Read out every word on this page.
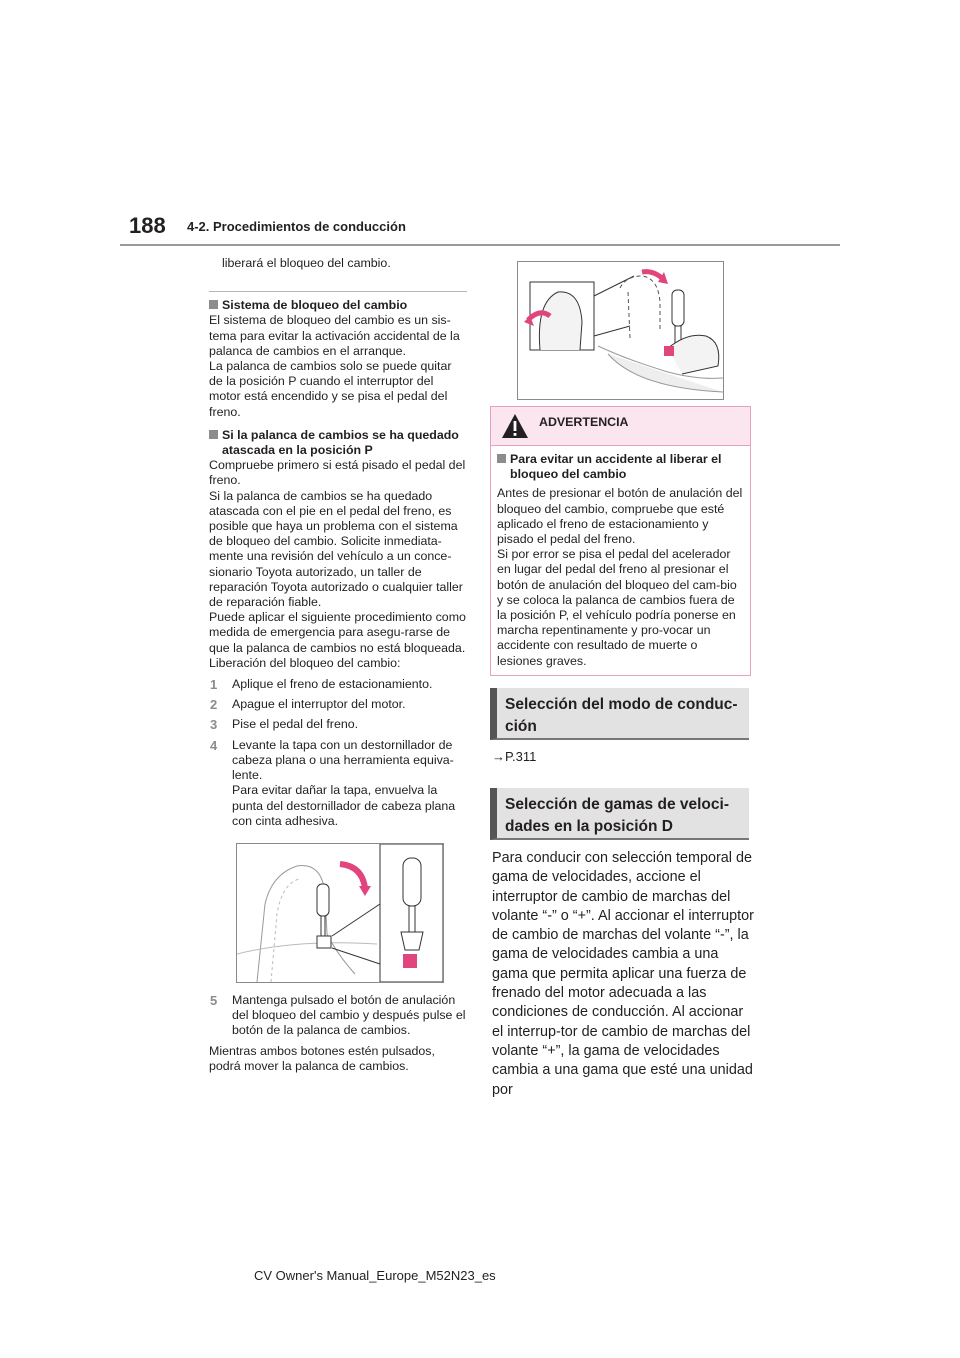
188 4-2. Procedimientos de conducción

liberará el bloqueo del cambio.

Sistema de bloqueo del cambio

El sistema de bloqueo del cambio es un sis-tema para evitar la activación accidental de la palanca de cambios en el arranque.

La palanca de cambios solo se puede quitar de la posición P cuando el interruptor del motor está encendido y se pisa el pedal del freno.

Si la palanca de cambios se ha quedado atascada en la posición P

Compruebe primero si está pisado el pedal del freno.

Si la palanca de cambios se ha quedado atascada con el pie en el pedal del freno, es posible que haya un problema con el sistema de bloqueo del cambio. Solicite inmediata-mente una revisión del vehículo a un conce-sionario Toyota autorizado, un taller de reparación Toyota autorizado o cualquier taller de reparación fiable.

Puede aplicar el siguiente procedimiento como medida de emergencia para asegu-rarse de que la palanca de cambios no está bloqueada.

Liberación del bloqueo del cambio:

1 Aplique el freno de estacionamiento.
2 Apague el interruptor del motor.
3 Pise el pedal del freno.
4 Levante la tapa con un destornillador de cabeza plana o una herramienta equiva-lente.
Para evitar dañar la tapa, envuelva la punta del destornillador de cabeza plana con cinta adhesiva.
5 Mantenga pulsado el botón de anulación del bloqueo del cambio y después pulse el botón de la palanca de cambios.

Mientras ambos botones estén pulsados, podrá mover la palanca de cambios.

ADVERTENCIA

Para evitar un accidente al liberar el bloqueo del cambio

Antes de presionar el botón de anulación del bloqueo del cambio, compruebe que esté aplicado el freno de estacionamiento y pisado el pedal del freno.

Si por error se pisa el pedal del acelerador en lugar del pedal del freno al presionar el botón de anulación del bloqueo del cam-bio y se coloca la palanca de cambios fuera de la posición P, el vehículo podría ponerse en marcha repentinamente y pro-vocar un accidente con resultado de muerte o lesiones graves.

Selección del modo de conduc-ción
→P.311
Selección de gamas de veloci-dades en la posición D

Para conducir con selección temporal de gama de velocidades, accione el interruptor de cambio de marchas del volante “-” o “+”. Al accionar el interruptor de cambio de marchas del volante “-”, la gama de velocidades cambia a una gama que permita aplicar una fuerza de frenado del motor adecuada a las condiciones de conducción. Al accionar el interrup-tor de cambio de marchas del volante “+”, la gama de velocidades cambia a una gama que esté una unidad por

CV Owner's Manual_Europe_M52N23_es
